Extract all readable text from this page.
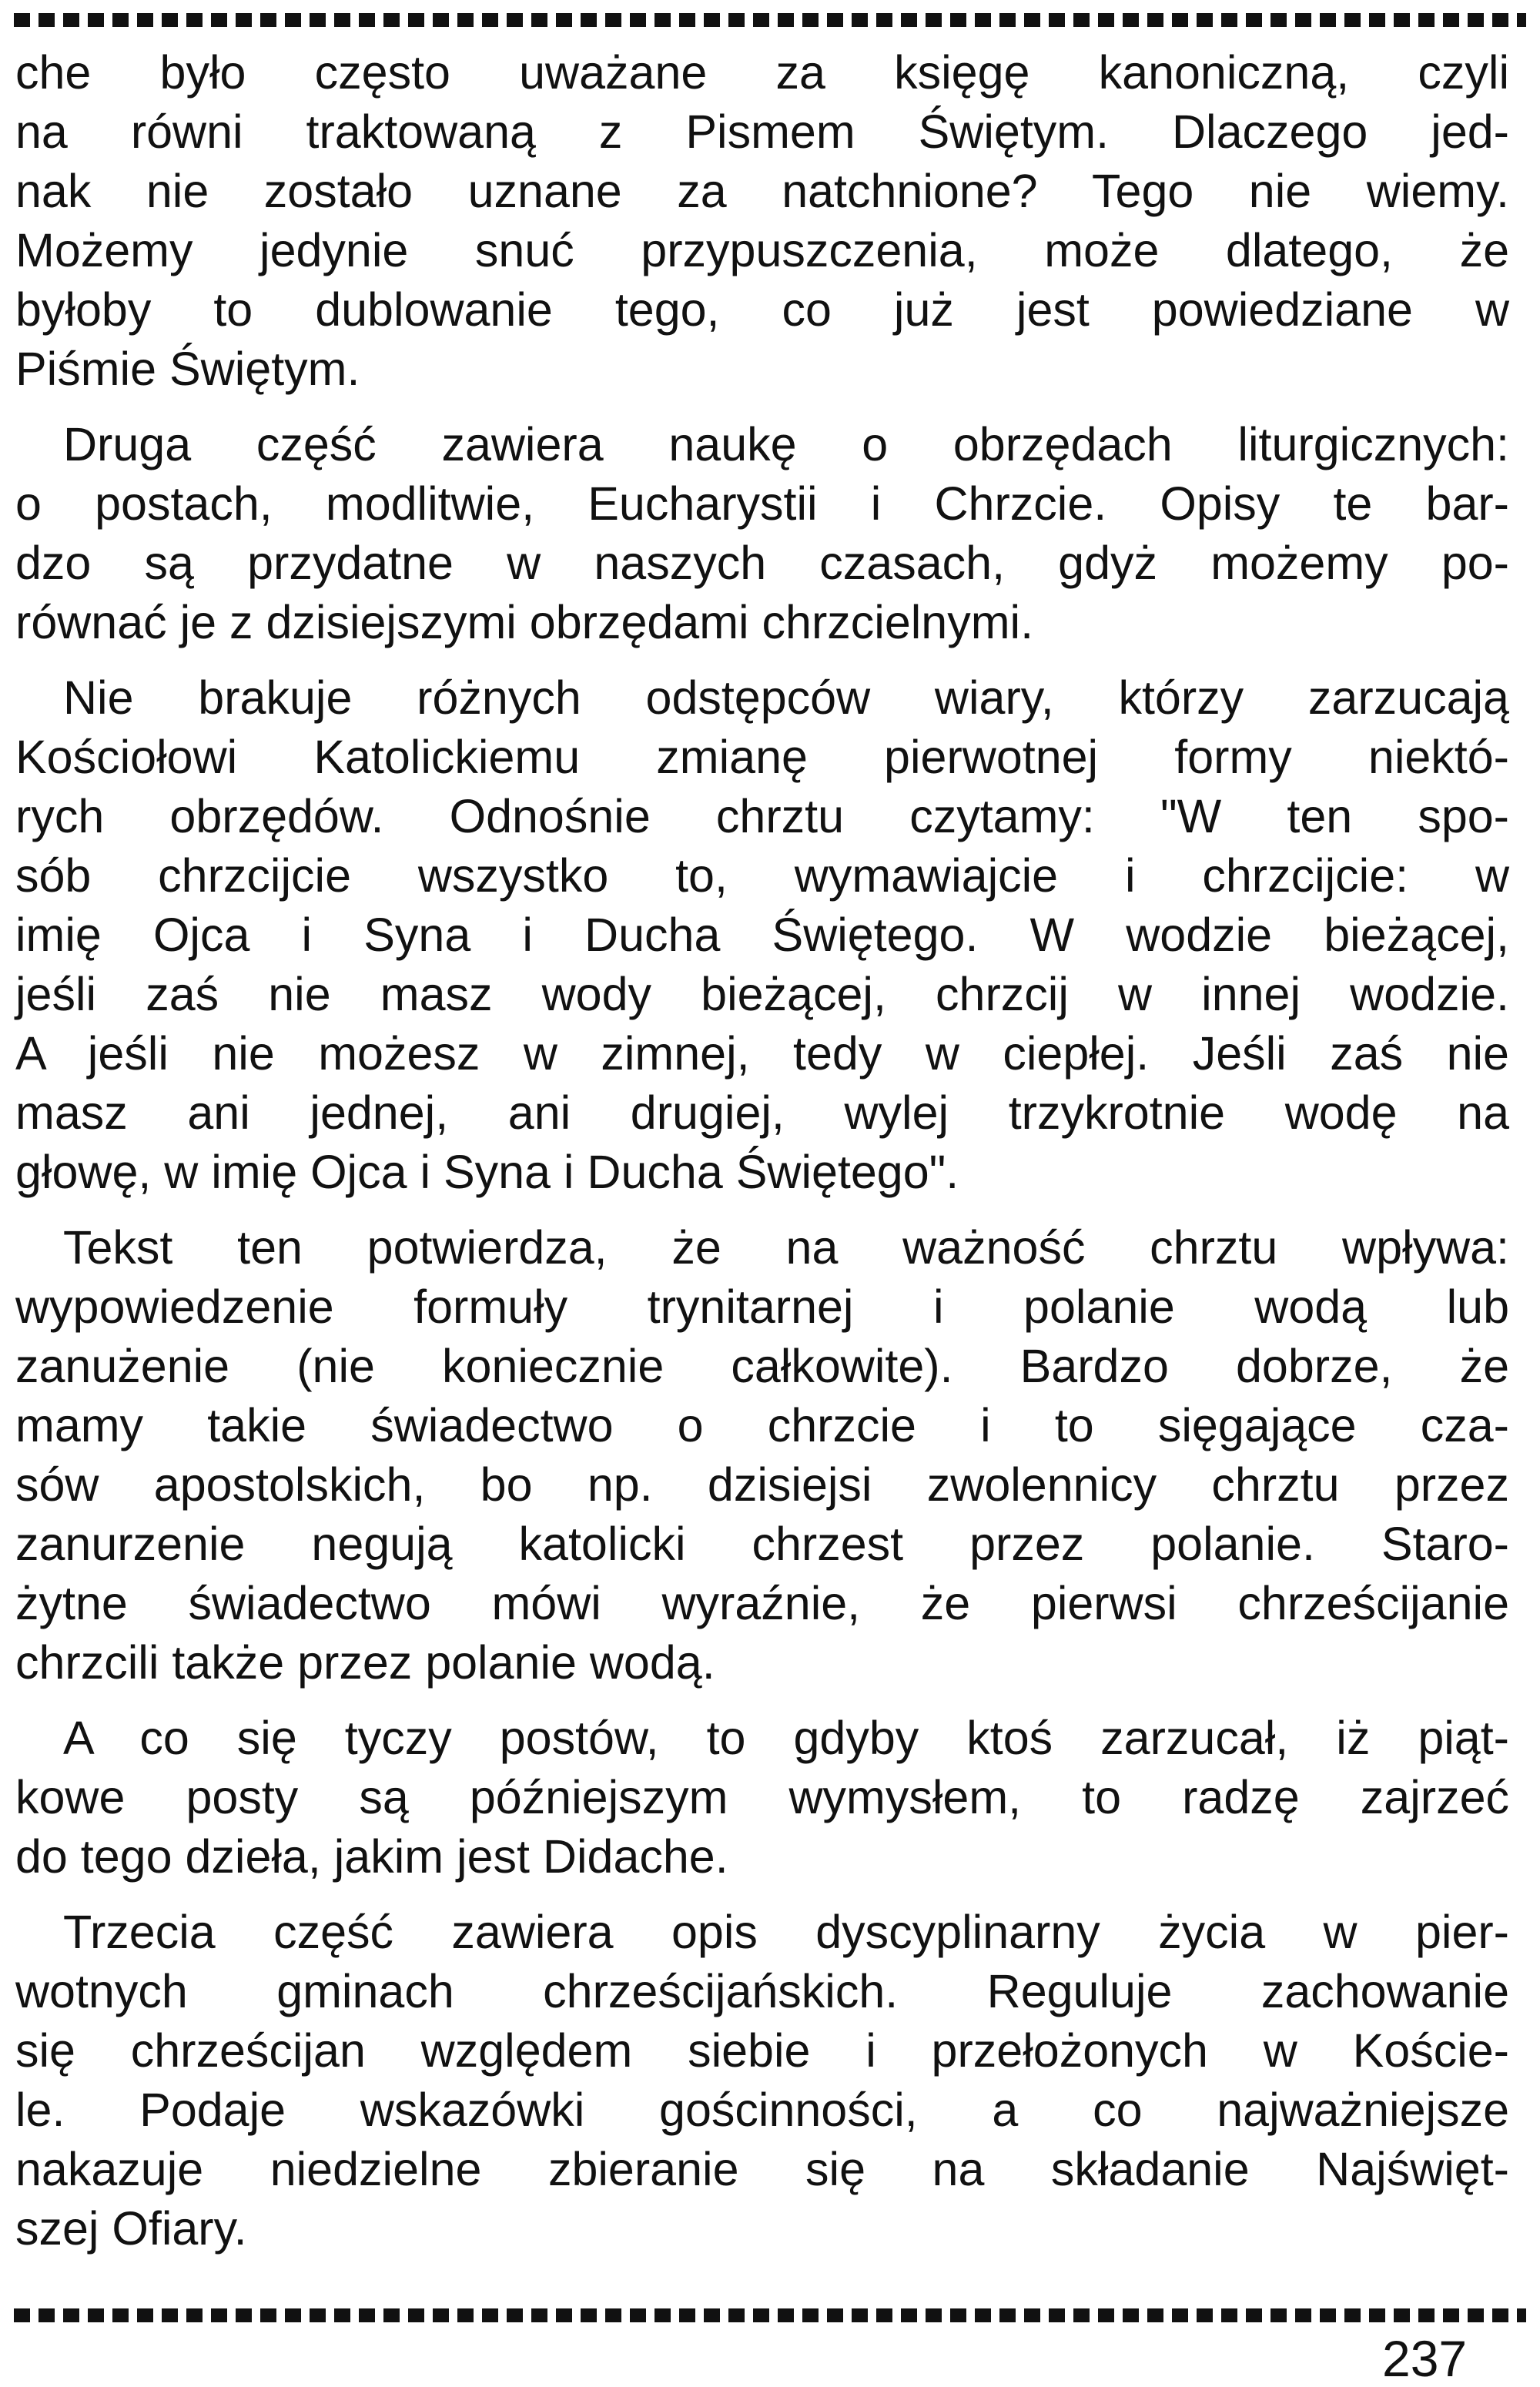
che było często uważane za księgę kanoniczną, czyli
na równi traktowaną z Pismem Świętym. Dlaczego jed-
nak nie zostało uznane za natchnione? Tego nie wiemy.
Możemy jedynie snuć przypuszczenia, może dlatego, że
byłoby to dublowanie tego, co już jest powiedziane w
Piśmie Świętym.
Druga część zawiera naukę o obrzędach liturgicznych:
o postach, modlitwie, Eucharystii i Chrzcie. Opisy te bar-
dzo są przydatne w naszych czasach, gdyż możemy po-
równać je z dzisiejszymi obrzędami chrzcielnymi.
Nie brakuje różnych odstępców wiary, którzy zarzucają
Kościołowi Katolickiemu zmianę pierwotnej formy niektó-
rych obrzędów. Odnośnie chrztu czytamy: "W ten spo-
sób chrzcijcie wszystko to, wymawiajcie i chrzcijcie: w
imię Ojca i Syna i Ducha Świętego. W wodzie bieżącej,
jeśli zaś nie masz wody bieżącej, chrzcij w innej wodzie.
A jeśli nie możesz w zimnej, tedy w ciepłej. Jeśli zaś nie
masz ani jednej, ani drugiej, wylej trzykrotnie wodę na
głowę, w imię Ojca i Syna i Ducha Świętego".
Tekst ten potwierdza, że na ważność chrztu wpływa:
wypowiedzenie formuły trynitarnej i polanie wodą lub
zanużenie (nie koniecznie całkowite). Bardzo dobrze, że
mamy takie świadectwo o chrzcie i to sięgające cza-
sów apostolskich, bo np. dzisiejsi zwolennicy chrztu przez
zanurzenie negują katolicki chrzest przez polanie. Staro-
żytne świadectwo mówi wyraźnie, że pierwsi chrześcijanie
chrzcili także przez polanie wodą.
A co się tyczy postów, to gdyby ktoś zarzucał, iż piąt-
kowe posty są późniejszym wymysłem, to radzę zajrzeć
do tego dzieła, jakim jest Didache.
Trzecia część zawiera opis dyscyplinarny życia w pier-
wotnych gminach chrześcijańskich. Reguluje zachowanie
się chrześcijan względem siebie i przełożonych w Koście-
le. Podaje wskazówki gościnności, a co najważniejsze
nakazuje niedzielne zbieranie się na składanie Najświęt-
szej Ofiary.
237
